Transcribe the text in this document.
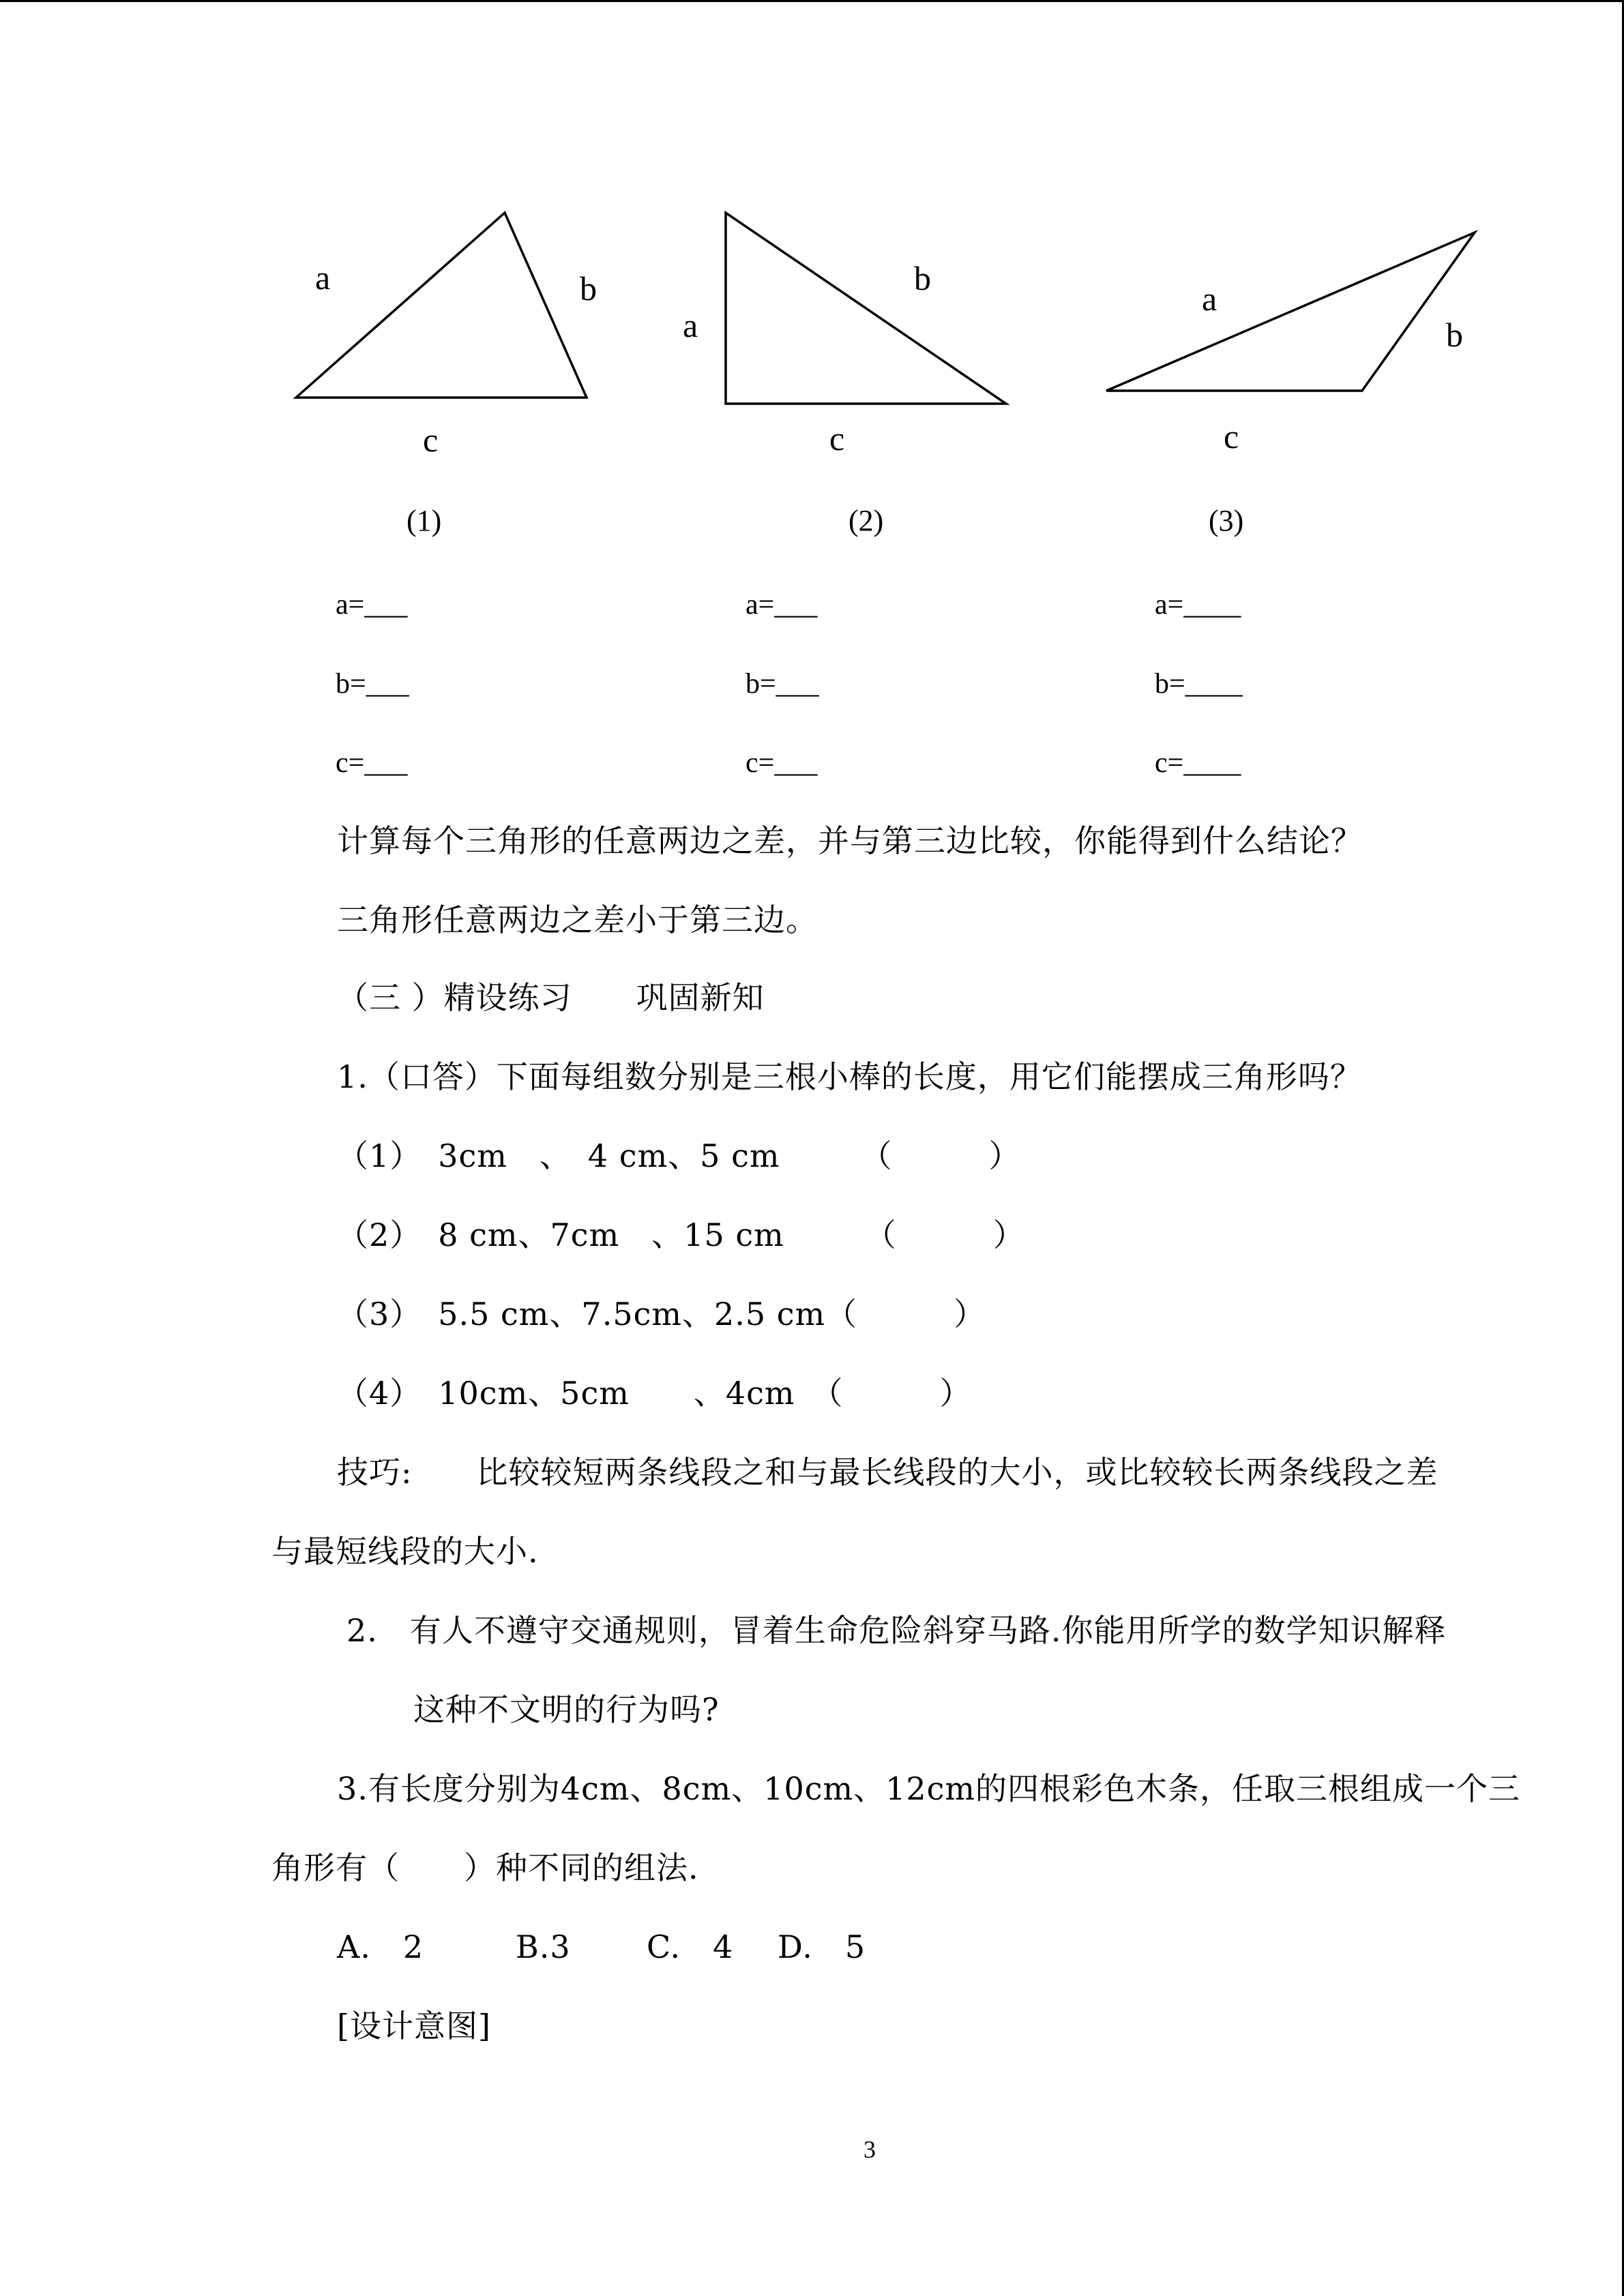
a	b
c
(1)
a
b
c
(2)
a
b
c
(3)
a=___
b=___
c=___
a=___
b=___
c=___
a=____
b=____
c=____
计算每个三角形的任意两边之差，并与第三边比较，你能得到什么结论？
三角形任意两边之差小于第三边。
（三 ）精设练习　　巩固新知
1.（口答）下面每组数分别是三根小棒的长度，用它们能摆成三角形吗？
（1）　3cm　、　4 cm、5 cm　　　（　　　）
（2）　8 cm、7cm　、15 cm　　　（　　　）
（3）　5.5 cm、7.5cm、2.5 cm（　　　）
（4）　10cm、5cm　　、4cm　（　　　）
技巧:　　比较较短两条线段之和与最长线段的大小，或比较较长两条线段之差
与最短线段的大小.
2.　有人不遵守交通规则，冒着生命危险斜穿马路.你能用所学的数学知识解释
这种不文明的行为吗?
3.有长度分别为4cm、8cm、10cm、12cm的四根彩色木条，任取三根组成一个三
角形有（　　）种不同的组法.
A.　2	B.3 C.　4 D.　5
[设计意图]
3
